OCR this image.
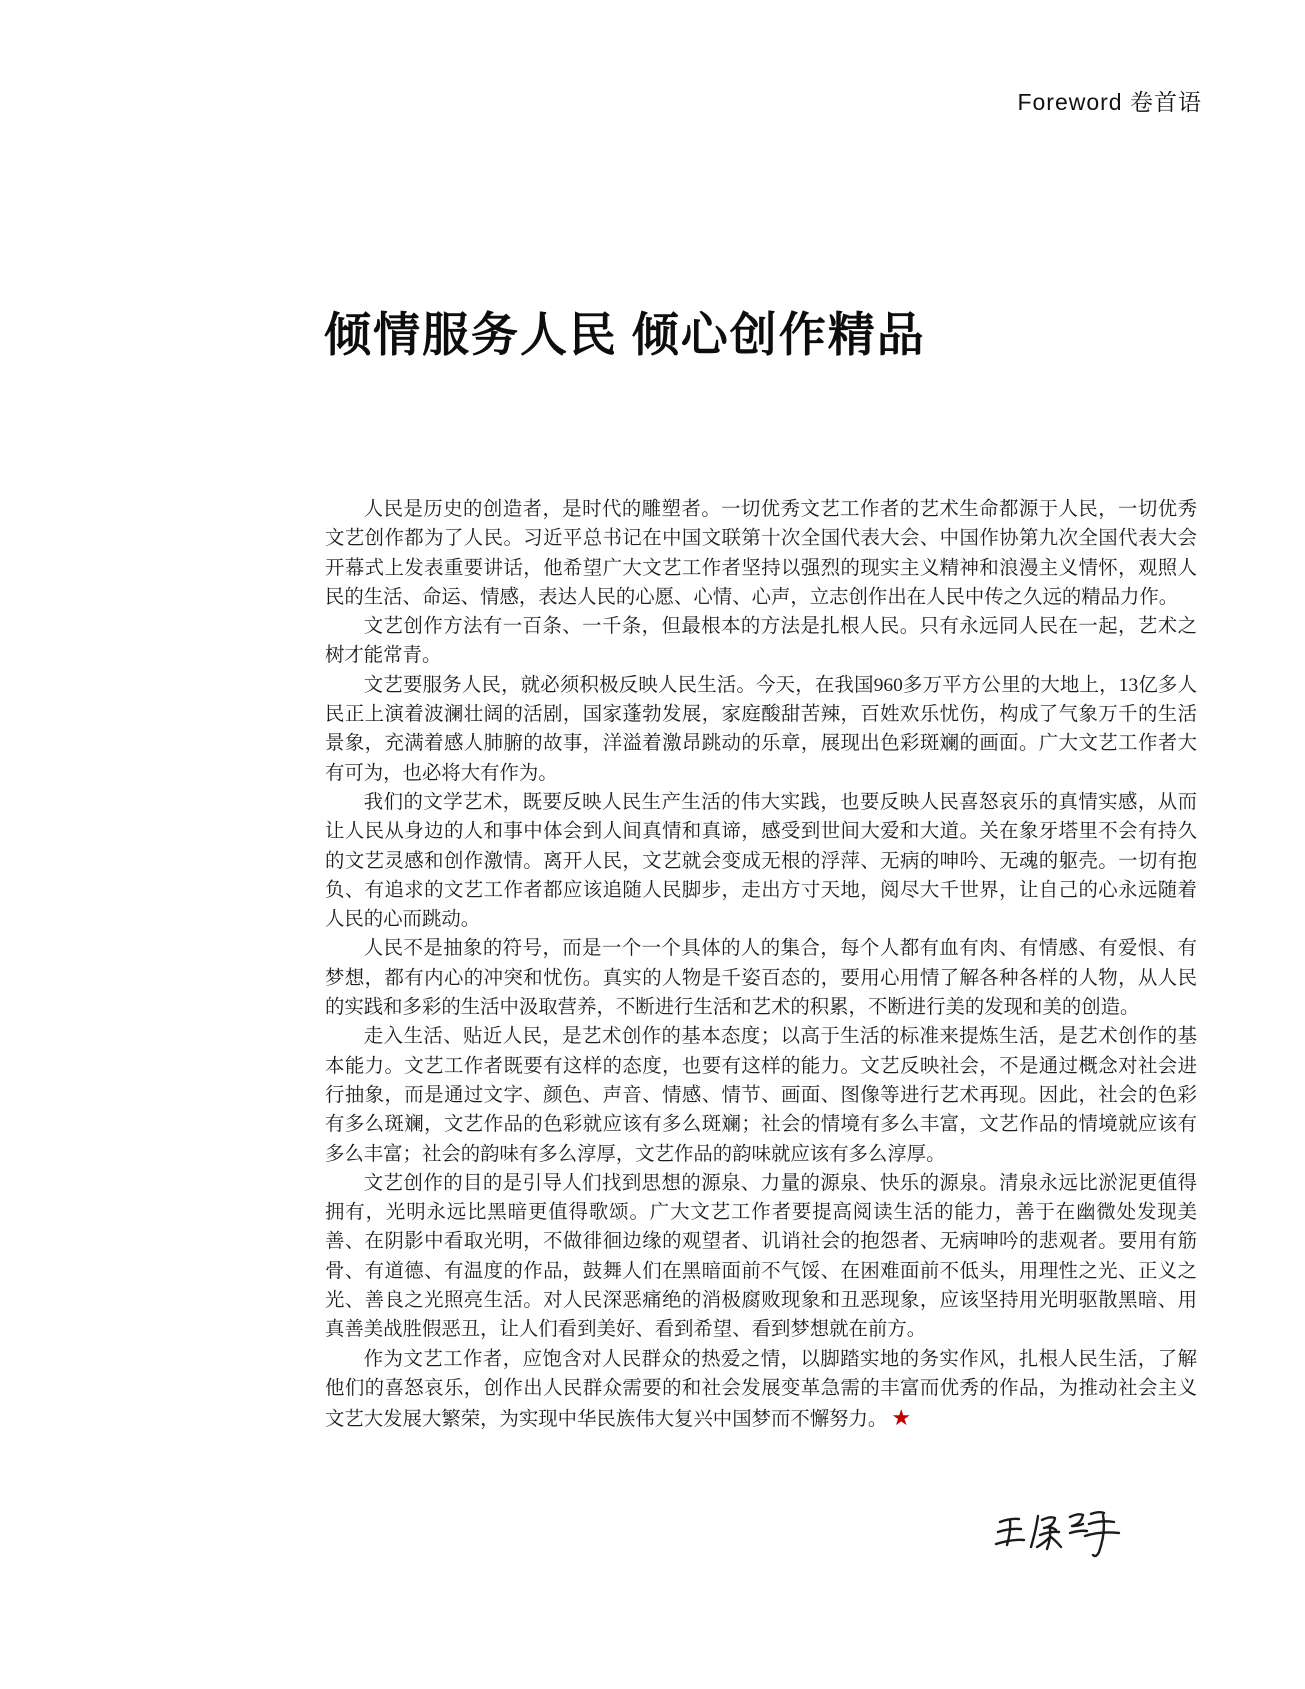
Foreword 卷首语
倾情服务人民 倾心创作精品

人民是历史的创造者，是时代的雕塑者。一切优秀文艺工作者的艺术生命都源于人民，一切优秀文艺创作都为了人民。习近平总书记在中国文联第十次全国代表大会、中国作协第九次全国代表大会开幕式上发表重要讲话，他希望广大文艺工作者坚持以强烈的现实主义精神和浪漫主义情怀，观照人民的生活、命运、情感，表达人民的心愿、心情、心声，立志创作出在人民中传之久远的精品力作。

文艺创作方法有一百条、一千条，但最根本的方法是扎根人民。只有永远同人民在一起，艺术之树才能常青。

文艺要服务人民，就必须积极反映人民生活。今天，在我国960多万平方公里的大地上，13亿多人民正上演着波澜壮阔的活剧，国家蓬勃发展，家庭酸甜苦辣，百姓欢乐忧伤，构成了气象万千的生活景象，充满着感人肺腑的故事，洋溢着激昂跳动的乐章，展现出色彩斑斓的画面。广大文艺工作者大有可为，也必将大有作为。

我们的文学艺术，既要反映人民生产生活的伟大实践，也要反映人民喜怒哀乐的真情实感，从而让人民从身边的人和事中体会到人间真情和真谛，感受到世间大爱和大道。关在象牙塔里不会有持久的文艺灵感和创作激情。离开人民，文艺就会变成无根的浮萍、无病的呻吟、无魂的躯壳。一切有抱负、有追求的文艺工作者都应该追随人民脚步，走出方寸天地，阅尽大千世界，让自己的心永远随着人民的心而跳动。

人民不是抽象的符号，而是一个一个具体的人的集合，每个人都有血有肉、有情感、有爱恨、有梦想，都有内心的冲突和忧伤。真实的人物是千姿百态的，要用心用情了解各种各样的人物，从人民的实践和多彩的生活中汲取营养，不断进行生活和艺术的积累，不断进行美的发现和美的创造。

走入生活、贴近人民，是艺术创作的基本态度；以高于生活的标准来提炼生活，是艺术创作的基本能力。文艺工作者既要有这样的态度，也要有这样的能力。文艺反映社会，不是通过概念对社会进行抽象，而是通过文字、颜色、声音、情感、情节、画面、图像等进行艺术再现。因此，社会的色彩有多么斑斓，文艺作品的色彩就应该有多么斑斓；社会的情境有多么丰富，文艺作品的情境就应该有多么丰富；社会的韵味有多么淳厚，文艺作品的韵味就应该有多么淳厚。

文艺创作的目的是引导人们找到思想的源泉、力量的源泉、快乐的源泉。清泉永远比淤泥更值得拥有，光明永远比黑暗更值得歌颂。广大文艺工作者要提高阅读生活的能力，善于在幽微处发现美善、在阴影中看取光明，不做徘徊边缘的观望者、讥诮社会的抱怨者、无病呻吟的悲观者。要用有筋骨、有道德、有温度的作品，鼓舞人们在黑暗面前不气馁、在困难面前不低头，用理性之光、正义之光、善良之光照亮生活。对人民深恶痛绝的消极腐败现象和丑恶现象，应该坚持用光明驱散黑暗、用真善美战胜假恶丑，让人们看到美好、看到希望、看到梦想就在前方。

作为文艺工作者，应饱含对人民群众的热爱之情，以脚踏实地的务实作风，扎根人民生活，了解他们的喜怒哀乐，创作出人民群众需要的和社会发展变革急需的丰富而优秀的作品，为推动社会主义文艺大发展大繁荣，为实现中华民族伟大复兴中国梦而不懈努力。 ★
